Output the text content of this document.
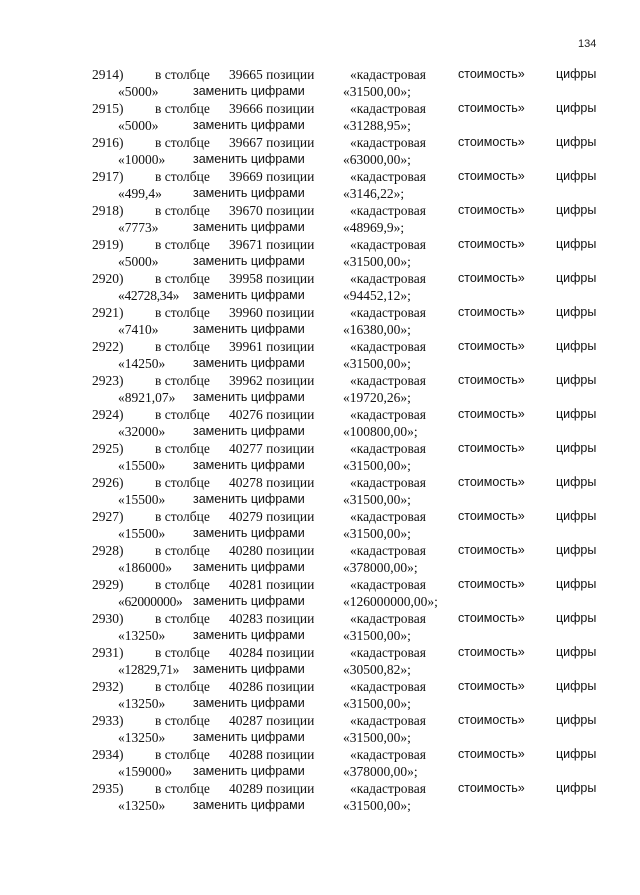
134
2914) в столбце 39665 позиции	«кадастровая	стоимость» цифры
«5000»	заменить цифрами	«31500,00»;
2915) в столбце 39666 позиции	«кадастровая	стоимость» цифры
«5000»	заменить цифрами	«31288,95»;
2916) в столбце 39667 позиции	«кадастровая	стоимость» цифры
«10000» заменить цифрами	«63000,00»;
2917) в столбце 39669 позиции	«кадастровая	стоимость» цифры
«499,4» заменить цифрами	«3146,22»;
2918) в столбце 39670 позиции	«кадастровая	стоимость» цифры
«7773»	заменить цифрами	«48969,9»;
2919) в столбце 39671 позиции	«кадастровая	стоимость» цифры
«5000»	заменить цифрами	«31500,00»;
2920) в столбце 39958 позиции	«кадастровая	стоимость» цифры
«42728,34» заменить цифрами	«94452,12»;
2921) в столбце 39960 позиции	«кадастровая	стоимость» цифры
«7410»	заменить цифрами	«16380,00»;
2922) в столбце 39961 позиции	«кадастровая	стоимость» цифры
«14250» заменить цифрами	«31500,00»;
2923) в столбце 39962 позиции	«кадастровая	стоимость» цифры
«8921,07» заменить цифрами	«19720,26»;
2924) в столбце 40276 позиции	«кадастровая	стоимость» цифры
«32000» заменить цифрами	«100800,00»;
2925) в столбце 40277 позиции	«кадастровая	стоимость» цифры
«15500» заменить цифрами	«31500,00»;
2926) в столбце 40278 позиции	«кадастровая	стоимость» цифры
«15500» заменить цифрами	«31500,00»;
2927) в столбце 40279 позиции	«кадастровая	стоимость» цифры
«15500» заменить цифрами	«31500,00»;
2928) в столбце 40280 позиции	«кадастровая	стоимость» цифры
«186000» заменить цифрами	«378000,00»;
2929) в столбце 40281 позиции	«кадастровая	стоимость» цифры
«62000000» заменить цифрами	«126000000,00»;
2930) в столбце 40283 позиции	«кадастровая	стоимость» цифры
«13250» заменить цифрами	«31500,00»;
2931) в столбце 40284 позиции	«кадастровая	стоимость» цифры
«12829,71» заменить цифрами	«30500,82»;
2932) в столбце 40286 позиции	«кадастровая	стоимость» цифры
«13250» заменить цифрами	«31500,00»;
2933) в столбце 40287 позиции	«кадастровая	стоимость» цифры
«13250» заменить цифрами	«31500,00»;
2934) в столбце 40288 позиции	«кадастровая	стоимость» цифры
«159000» заменить цифрами	«378000,00»;
2935) в столбце 40289 позиции	«кадастровая	стоимость» цифры
«13250» заменить цифрами	«31500,00»;
